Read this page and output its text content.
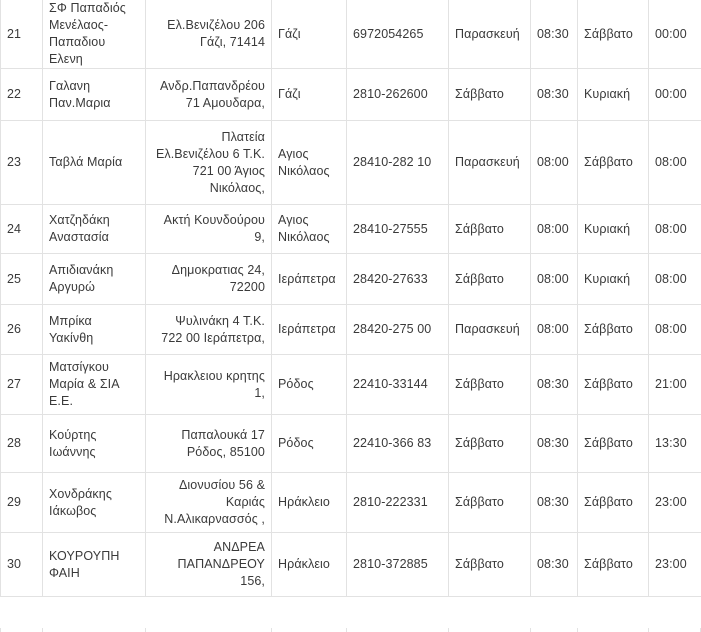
21	ΣΦ Παπαδιός Μενέλαος-Παπαδιου Ελενη	Ελ.Βενιζέλου 206 Γάζι, 71414	Γάζι	6972054265	Παρασκευή	08:30	Σάββατο	00:00
22	Γαλανη Παν.Μαρια	Ανδρ.Παπανδρέου 71 Αμουδαρα,	Γάζι	2810-262600	Σάββατο	08:30	Κυριακή	00:00
23	Ταβλά Μαρία	Πλατεία Ελ.Βενιζέλου 6 Τ.Κ. 721 00 Άγιος Νικόλαος,	Αγιος Νικόλαος	28410-282 10	Παρασκευή	08:00	Σάββατο	08:00
24	Χατζηδάκη Αναστασία	Ακτή Κουνδούρου 9,	Αγιος Νικόλαος	28410-27555	Σάββατο	08:00	Κυριακή	08:00
25	Απιδιανάκη Αργυρώ	Δημοκρατιας 24, 72200	Ιεράπετρα	28420-27633	Σάββατο	08:00	Κυριακή	08:00
26	Μπρίκα Υακίνθη	Ψυλινάκη 4 Τ.Κ. 722 00 Ιεράπετρα,	Ιεράπετρα	28420-275 00	Παρασκευή	08:00	Σάββατο	08:00
27	Ματσίγκου Μαρία & ΣΙΑ Ε.Ε.	Ηρακλειου κρητης 1,	Ρόδος	22410-33144	Σάββατο	08:30	Σάββατο	21:00
28	Κούρτης Ιωάννης	Παπαλουκά 17 Ρόδος, 85100	Ρόδος	22410-366 83	Σάββατο	08:30	Σάββατο	13:30
29	Χονδράκης Ιάκωβος	Διονυσίου 56 & Καριάς Ν.Αλικαρνασσός ,	Ηράκλειο	2810-222331	Σάββατο	08:30	Σάββατο	23:00
30	ΚΟΥΡΟΥΠΗ ΦΑΙΗ	ΑΝΔΡΕΑ ΠΑΠΑΝΔΡΕΟΥ 156,	Ηράκλειο	2810-372885	Σάββατο	08:30	Σάββατο	23:00
